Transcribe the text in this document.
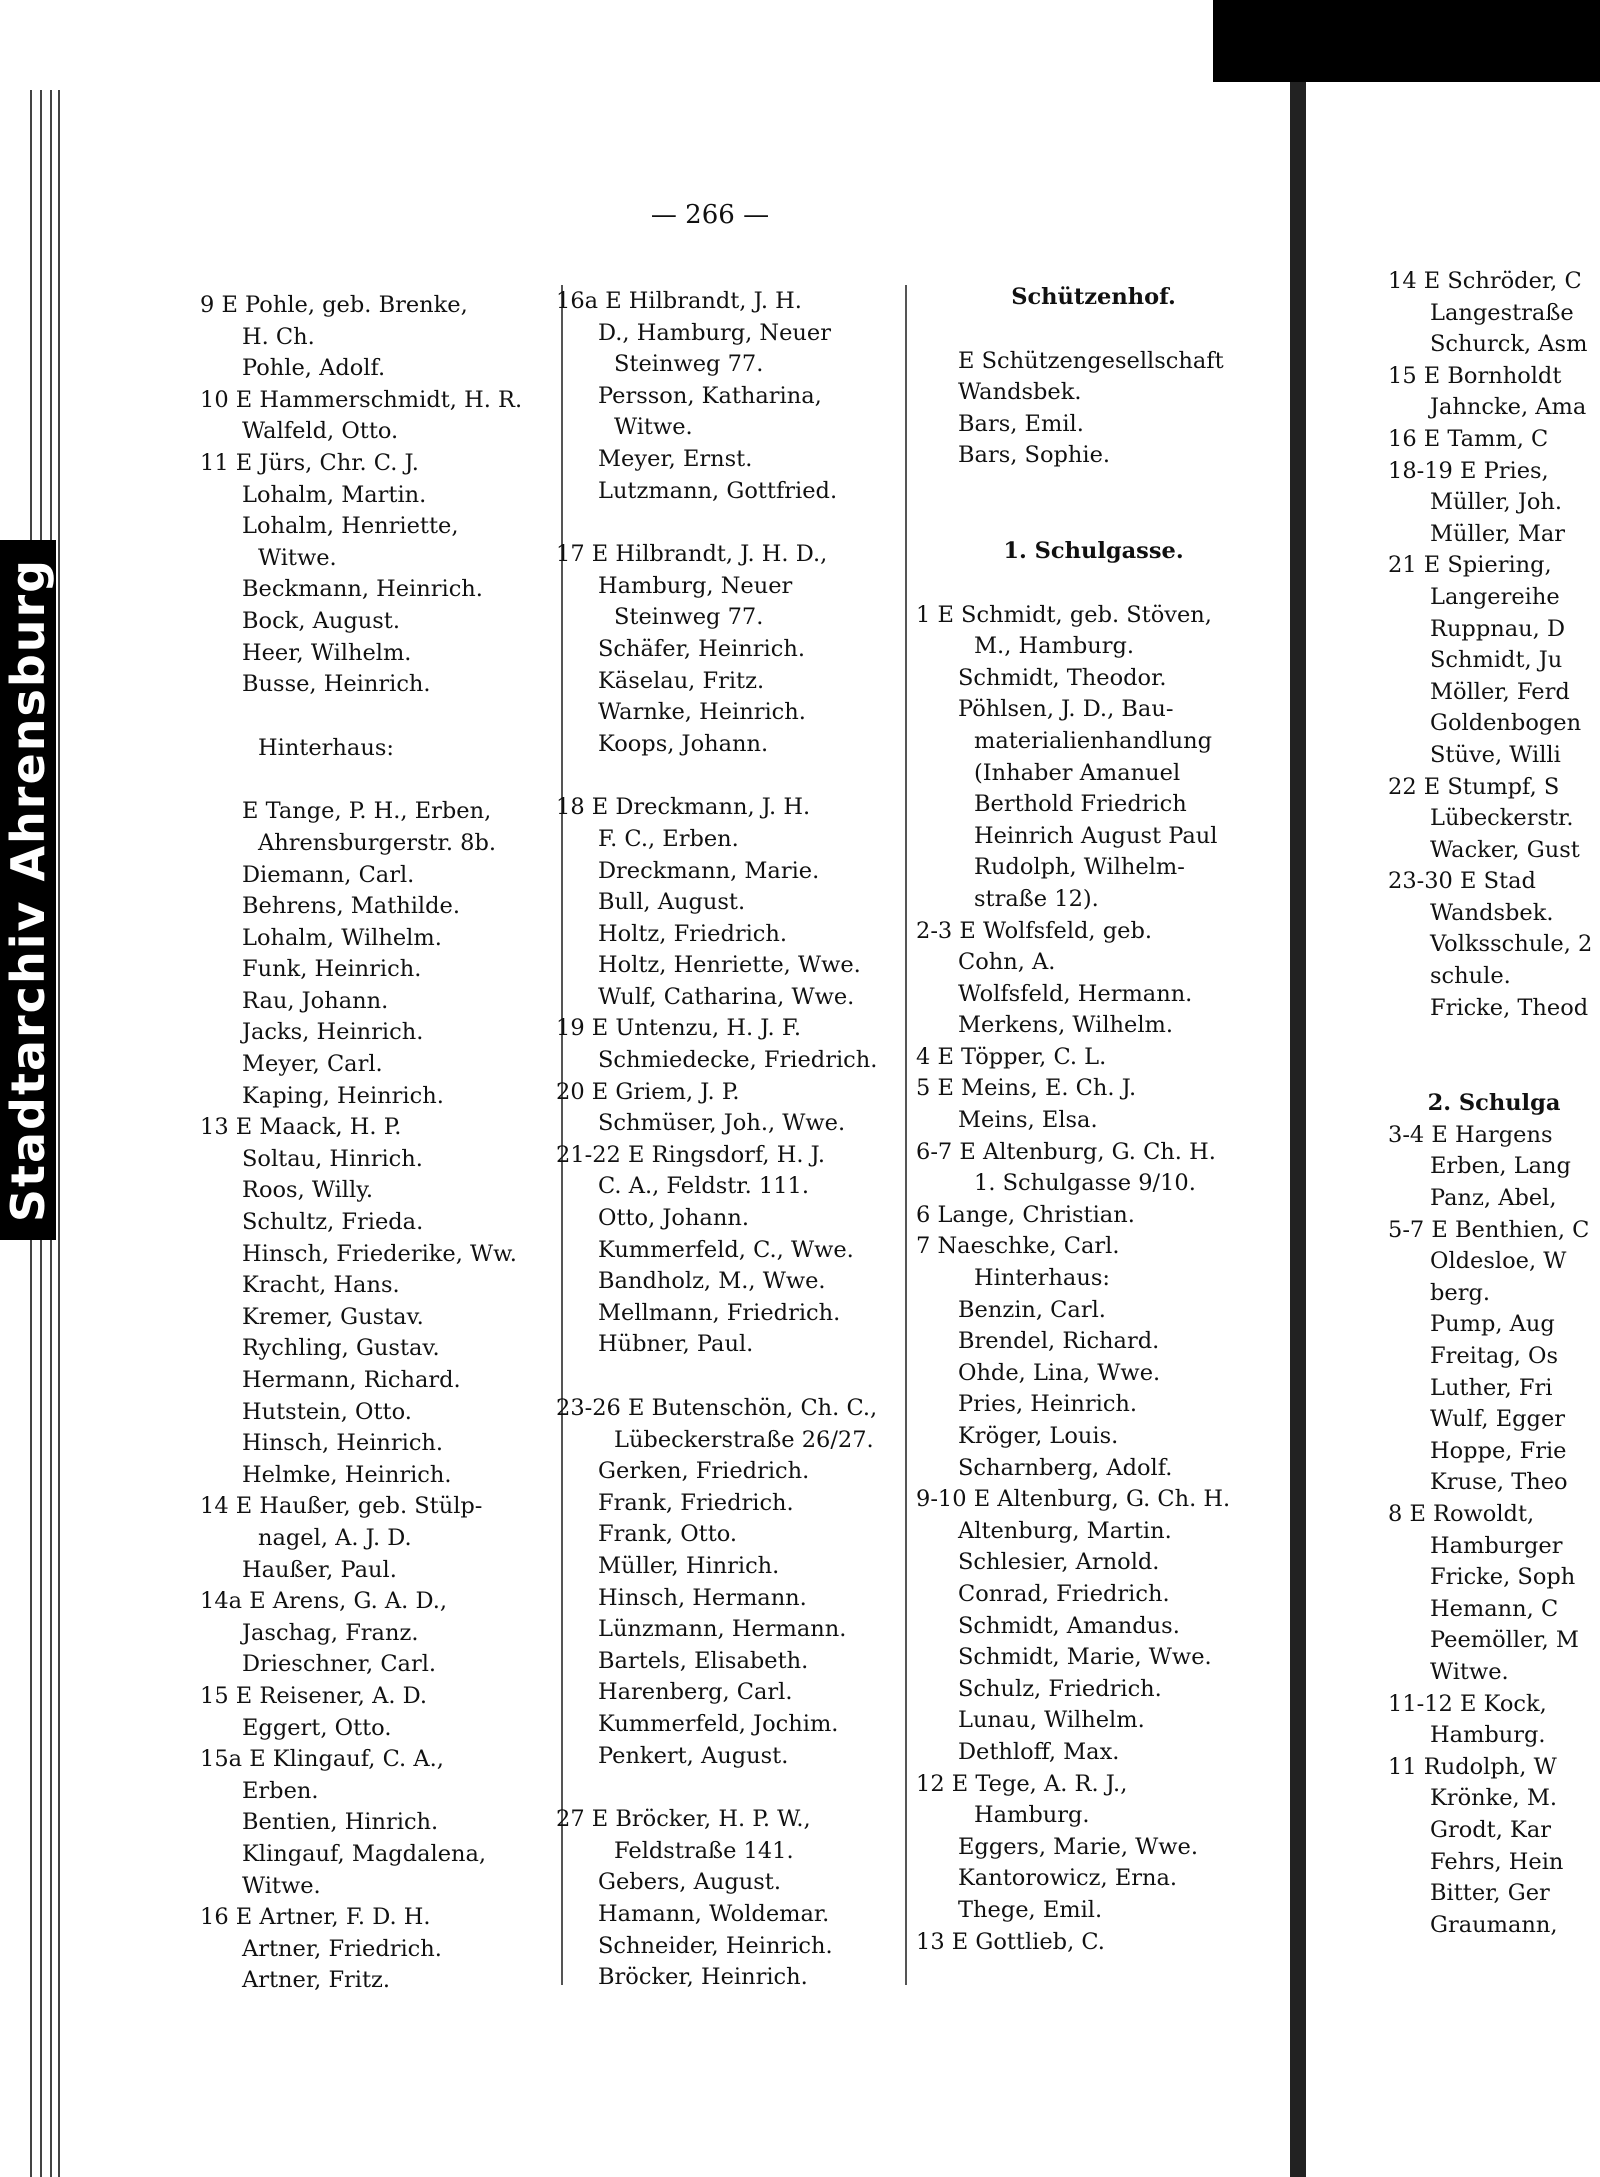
Stadtarchiv Ahrensburg
— 266 —
9 E Pohle, geb. Brenke,
H. Ch.
Pohle, Adolf.
10 E Hammerschmidt, H. R.
Walfeld, Otto.
11 E Jürs, Chr. C. J.
Lohalm, Martin.
Lohalm, Henriette,
Witwe.
Beckmann, Heinrich.
Bock, August.
Heer, Wilhelm.
Busse, Heinrich.
Hinterhaus:
E Tange, P. H., Erben,
Ahrensburgerstr. 8b.
Diemann, Carl.
Behrens, Mathilde.
Lohalm, Wilhelm.
Funk, Heinrich.
Rau, Johann.
Jacks, Heinrich.
Meyer, Carl.
Kaping, Heinrich.
13 E Maack, H. P.
Soltau, Hinrich.
Roos, Willy.
Schultz, Frieda.
Hinsch, Friederike, Ww.
Kracht, Hans.
Kremer, Gustav.
Rychling, Gustav.
Hermann, Richard.
Hutstein, Otto.
Hinsch, Heinrich.
Helmke, Heinrich.
14 E Haußer, geb. Stülp-
nagel, A. J. D.
Haußer, Paul.
14a E Arens, G. A. D.,
Jaschag, Franz.
Drieschner, Carl.
15 E Reisener, A. D.
Eggert, Otto.
15a E Klingauf, C. A.,
Erben.
Bentien, Hinrich.
Klingauf, Magdalena,
Witwe.
16 E Artner, F. D. H.
Artner, Friedrich.
Artner, Fritz.
16a E Hilbrandt, J. H.
D., Hamburg, Neuer
Steinweg 77.
Persson, Katharina,
Witwe.
Meyer, Ernst.
Lutzmann, Gottfried.
17 E Hilbrandt, J. H. D.,
Hamburg, Neuer
Steinweg 77.
Schäfer, Heinrich.
Käselau, Fritz.
Warnke, Heinrich.
Koops, Johann.
18 E Dreckmann, J. H.
F. C., Erben.
Dreckmann, Marie.
Bull, August.
Holtz, Friedrich.
Holtz, Henriette, Wwe.
Wulf, Catharina, Wwe.
19 E Untenzu, H. J. F.
Schmiedecke, Friedrich.
20 E Griem, J. P.
Schmüser, Joh., Wwe.
21-22 E Ringsdorf, H. J.
C. A., Feldstr. 111.
Otto, Johann.
Kummerfeld, C., Wwe.
Bandholz, M., Wwe.
Mellmann, Friedrich.
Hübner, Paul.
23-26 E Butenschön, Ch. C.,
Lübeckerstraße 26/27.
Gerken, Friedrich.
Frank, Friedrich.
Frank, Otto.
Müller, Hinrich.
Hinsch, Hermann.
Lünzmann, Hermann.
Bartels, Elisabeth.
Harenberg, Carl.
Kummerfeld, Jochim.
Penkert, August.
27 E Bröcker, H. P. W.,
Feldstraße 141.
Gebers, August.
Hamann, Woldemar.
Schneider, Heinrich.
Bröcker, Heinrich.
Schützenhof.
E Schützengesellschaft
Wandsbek.
Bars, Emil.
Bars, Sophie.
1. Schulgasse.
1 E Schmidt, geb. Stöven,
M., Hamburg.
Schmidt, Theodor.
Pöhlsen, J. D., Bau-
materialienhandlung
(Inhaber Amanuel
Berthold Friedrich
Heinrich August Paul
Rudolph, Wilhelm-
straße 12).
2-3 E Wolfsfeld, geb.
Cohn, A.
Wolfsfeld, Hermann.
Merkens, Wilhelm.
4 E Töpper, C. L.
5 E Meins, E. Ch. J.
Meins, Elsa.
6-7 E Altenburg, G. Ch. H.
1. Schulgasse 9/10.
6 Lange, Christian.
7 Naeschke, Carl.
Hinterhaus:
Benzin, Carl.
Brendel, Richard.
Ohde, Lina, Wwe.
Pries, Heinrich.
Kröger, Louis.
Scharnberg, Adolf.
9-10 E Altenburg, G. Ch. H.
Altenburg, Martin.
Schlesier, Arnold.
Conrad, Friedrich.
Schmidt, Amandus.
Schmidt, Marie, Wwe.
Schulz, Friedrich.
Lunau, Wilhelm.
Dethloff, Max.
12 E Tege, A. R. J.,
Hamburg.
Eggers, Marie, Wwe.
Kantorowicz, Erna.
Thege, Emil.
13 E Gottlieb, C.
14 E Schröder, C
Langestraße
Schurck, Asm
15 E Bornholdt
Jahncke, Ama
16 E Tamm, C
18-19 E Pries,
Müller, Joh.
Müller, Mar
21 E Spiering,
Langereihe
Ruppnau, D
Schmidt, Ju
Möller, Ferd
Goldenbogen
Stüve, Willi
22 E Stumpf, S
Lübeckerstr.
Wacker, Gust
23-30 E Stad
Wandsbek.
Volksschule, 2
schule.
Fricke, Theod
2. Schulga
3-4 E Hargens
Erben, Lang
Panz, Abel,
5-7 E Benthien, C
Oldesloe, W
berg.
Pump, Aug
Freitag, Os
Luther, Fri
Wulf, Egger
Hoppe, Frie
Kruse, Theo
8 E Rowoldt,
Hamburger
Fricke, Soph
Hemann, C
Peemöller, M
Witwe.
11-12 E Kock,
Hamburg.
11 Rudolph, W
Krönke, M.
Grodt, Kar
Fehrs, Hein
Bitter, Ger
Graumann,
